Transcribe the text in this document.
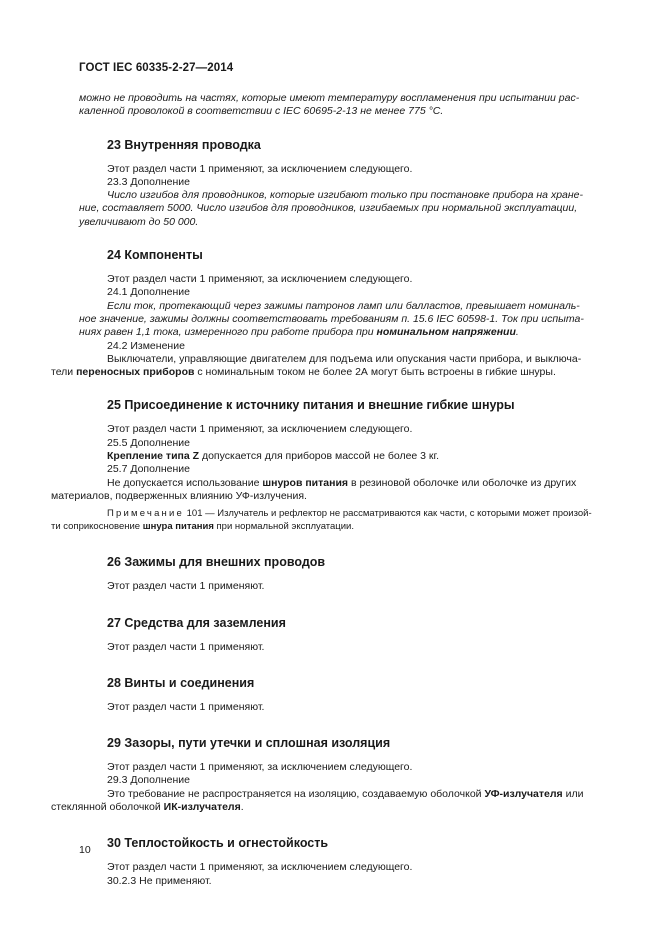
ГОСТ IEC 60335-2-27—2014

можно не проводить на частях, которые имеют температуру воспламенения при испытании рас-
каленной проволокой в соответствии с IEC 60695-2-13 не менее 775 °С.

23 Внутренняя проводка

Этот раздел части 1 применяют, за исключением следующего.

23.3 Дополнение

Число изгибов для проводников, которые изгибают только при постановке прибора на хране-
ние, составляет 5000. Число изгибов для проводников, изгибаемых при нормальной эксплуатации,
увеличивают до 50 000.

24 Компоненты

Этот раздел части 1 применяют, за исключением следующего.

24.1 Дополнение

Если ток, протекающий через зажимы патронов ламп или балластов, превышает номиналь-
ное значение, зажимы должны соответствовать требованиям п. 15.6 IEC 60598-1. Ток при испыта-
ниях равен 1,1 тока, измеренного при работе прибора при номинальном напряжении.

24.2 Изменение

Выключатели, управляющие двигателем для подъема или опускания части прибора, и выключа-
тели переносных приборов с номинальным током не более 2А могут быть встроены в гибкие шнуры.

25 Присоединение к источнику питания и внешние гибкие шнуры

Этот раздел части 1 применяют, за исключением следующего.

25.5 Дополнение

Крепление типа Z допускается для приборов массой не более 3 кг.

25.7 Дополнение

Не допускается использование шнуров питания в резиновой оболочке или оболочке из других
материалов, подверженных влиянию УФ-излучения.

Примечание 101 — Излучатель и рефлектор не рассматриваются как части, с которыми может произой-
ти соприкосновение шнура питания при нормальной эксплуатации.

26 Зажимы для внешних проводов

Этот раздел части 1 применяют.

27 Средства для заземления

Этот раздел части 1 применяют.

28 Винты и соединения

Этот раздел части 1 применяют.

29 Зазоры, пути утечки и сплошная изоляция

Этот раздел части 1 применяют, за исключением следующего.

29.3 Дополнение

Это требование не распространяется на изоляцию, создаваемую оболочкой УФ-излучателя или
стеклянной оболочкой ИК-излучателя.

30 Теплостойкость и огнестойкость

Этот раздел части 1 применяют, за исключением следующего.

30.2.3 Не применяют.

10
